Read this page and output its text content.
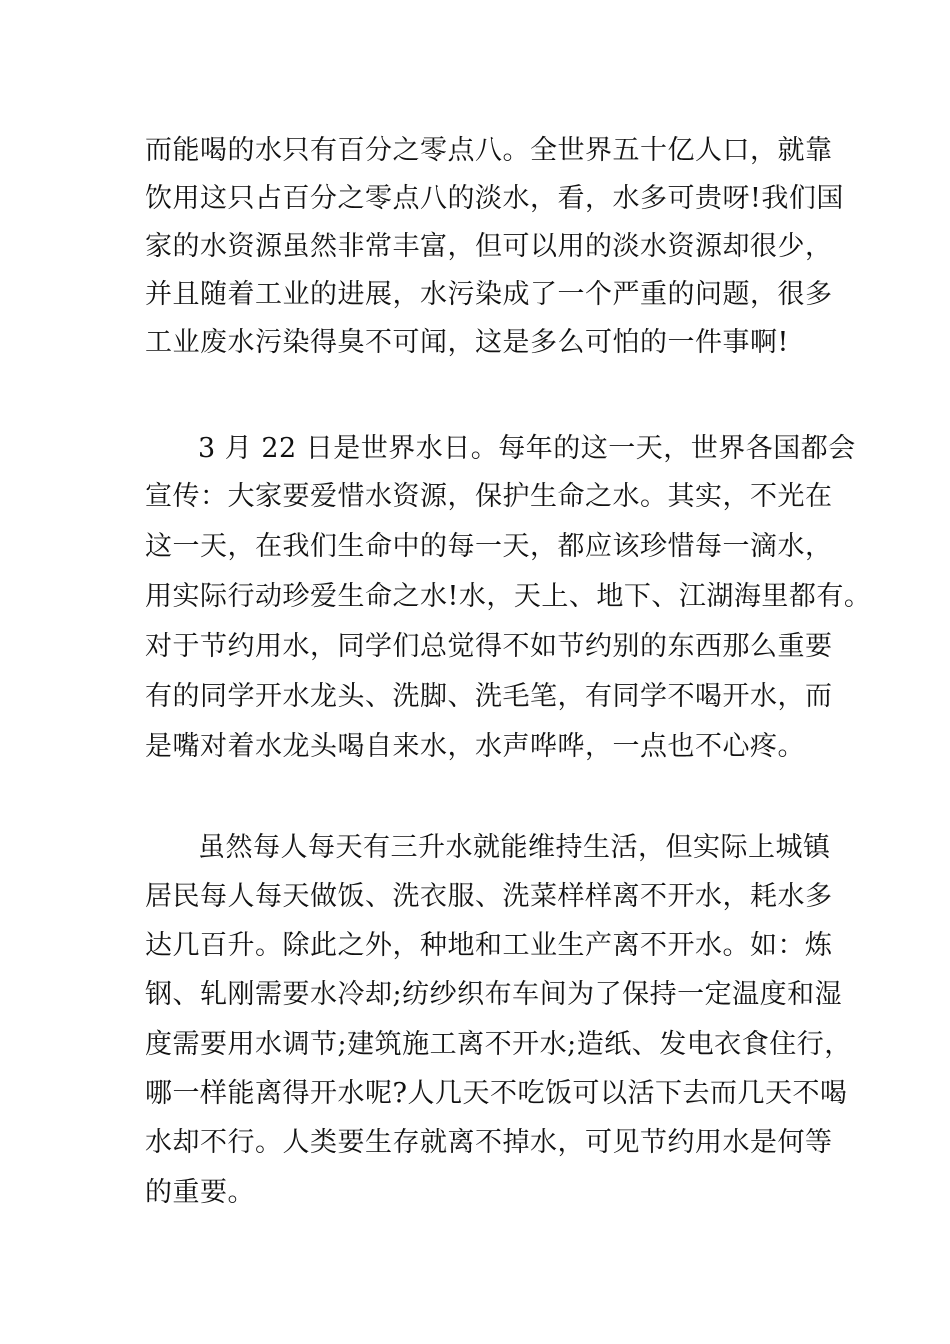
而能喝的水只有百分之零点八。全世界五十亿人口，就靠

饮用这只占百分之零点八的淡水，看，水多可贵呀!我们国

家的水资源虽然非常丰富，但可以用的淡水资源却很少，

并且随着工业的进展，水污染成了一个严重的问题，很多

工业废水污染得臭不可闻，这是多么可怕的一件事啊!

3 月 22 日是世界水日。每年的这一天，世界各国都会

宣传：大家要爱惜水资源，保护生命之水。其实，不光在

这一天，在我们生命中的每一天，都应该珍惜每一滴水，

用实际行动珍爱生命之水!水，天上、地下、江湖海里都有。

对于节约用水，同学们总觉得不如节约别的东西那么重要

有的同学开水龙头、洗脚、洗毛笔，有同学不喝开水，而

是嘴对着水龙头喝自来水，水声哗哗，一点也不心疼。

虽然每人每天有三升水就能维持生活，但实际上城镇

居民每人每天做饭、洗衣服、洗菜样样离不开水，耗水多

达几百升。除此之外，种地和工业生产离不开水。如：炼

钢、轧刚需要水冷却;纺纱织布车间为了保持一定温度和湿

度需要用水调节;建筑施工离不开水;造纸、发电衣食住行，

哪一样能离得开水呢?人几天不吃饭可以活下去而几天不喝

水却不行。人类要生存就离不掉水，可见节约用水是何等

的重要。
